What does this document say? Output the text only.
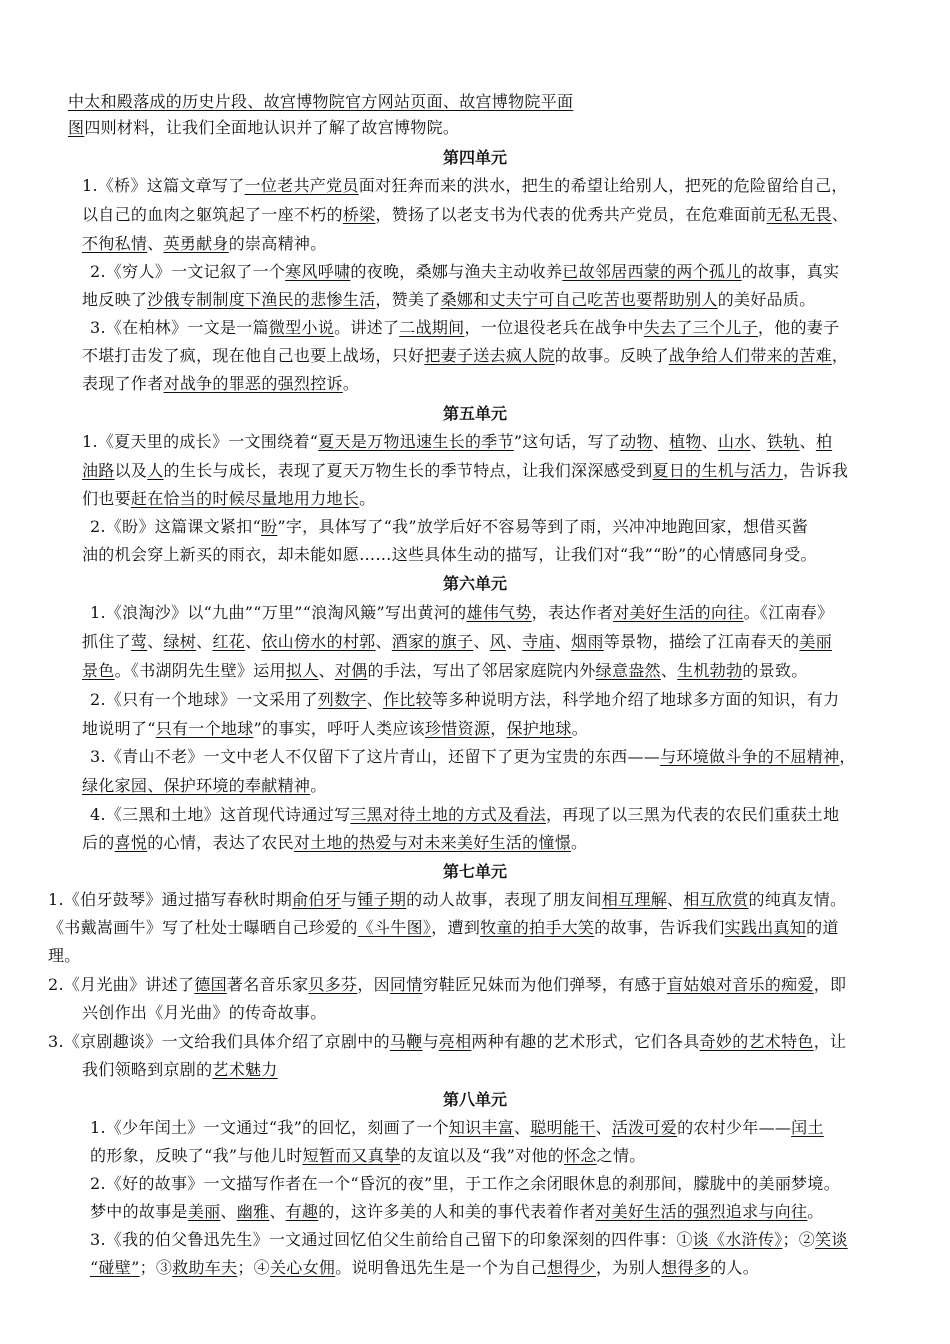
中太和殿落成的历史片段、故宫博物院官方网站页面、故宫博物院平面
图四则材料，让我们全面地认识并了解了故宫博物院。
第四单元
1.《桥》这篇文章写了一位老共产党员面对狂奔而来的洪水，把生的希望让给别人，把死的危险留给自己，
以自己的血肉之躯筑起了一座不朽的桥梁，赞扬了以老支书为代表的优秀共产党员，在危难面前无私无畏、
不徇私情、英勇献身的崇高精神。
2.《穷人》一文记叙了一个寒风呼啸的夜晚，桑娜与渔夫主动收养已故邻居西蒙的两个孤儿的故事，真实
地反映了沙俄专制制度下渔民的悲惨生活，赞美了桑娜和丈夫宁可自己吃苦也要帮助别人的美好品质。
3.《在柏林》一文是一篇微型小说。讲述了二战期间，一位退役老兵在战争中失去了三个儿子，他的妻子
不堪打击发了疯，现在他自己也要上战场，只好把妻子送去疯人院的故事。反映了战争给人们带来的苦难，
表现了作者对战争的罪恶的强烈控诉。
第五单元
1.《夏天里的成长》一文围绕着“夏天是万物迅速生长的季节”这句话，写了动物、植物、山水、铁轨、柏
油路以及人的生长与成长，表现了夏天万物生长的季节特点，让我们深深感受到夏日的生机与活力，告诉我
们也要赶在恰当的时候尽量地用力地长。
2.《盼》这篇课文紧扣“盼”字，具体写了“我”放学后好不容易等到了雨，兴冲冲地跑回家，想借买酱
油的机会穿上新买的雨衣，却未能如愿……这些具体生动的描写，让我们对“我”“盼”的心情感同身受。
第六单元
1.《浪淘沙》以“九曲”“万里”“浪淘风簸”写出黄河的雄伟气势，表达作者对美好生活的向往。《江南春》
抓住了莺、绿树、红花、依山傍水的村郭、酒家的旗子、风、寺庙、烟雨等景物，描绘了江南春天的美丽
景色。《书湖阴先生壁》运用拟人、对偶的手法，写出了邻居家庭院内外绿意盎然、生机勃勃的景致。
2.《只有一个地球》一文采用了列数字、作比较等多种说明方法，科学地介绍了地球多方面的知识，有力
地说明了“只有一个地球”的事实，呼吁人类应该珍惜资源，保护地球。
3.《青山不老》一文中老人不仅留下了这片青山，还留下了更为宝贵的东西——与环境做斗争的不屈精神，
绿化家园、保护环境的奉献精神。
4.《三黑和土地》这首现代诗通过写三黑对待土地的方式及看法，再现了以三黑为代表的农民们重获土地
后的喜悦的心情，表达了农民对土地的热爱与对未来美好生活的憧憬。
第七单元
1.《伯牙鼓琴》通过描写春秋时期俞伯牙与锺子期的动人故事，表现了朋友间相互理解、相互欣赏的纯真友情。
《书戴嵩画牛》写了杜处士曝晒自己珍爱的《斗牛图》，遭到牧童的拍手大笑的故事，告诉我们实践出真知的道
理。
2.《月光曲》讲述了德国著名音乐家贝多芬，因同情穷鞋匠兄妹而为他们弹琴，有感于盲姑娘对音乐的痴爱，即
兴创作出《月光曲》的传奇故事。
3.《京剧趣谈》一文给我们具体介绍了京剧中的马鞭与亮相两种有趣的艺术形式，它们各具奇妙的艺术特色，让
我们领略到京剧的艺术魅力
第八单元
1.《少年闰土》一文通过“我”的回忆，刻画了一个知识丰富、聪明能干、活泼可爱的农村少年——闰土
的形象，反映了“我”与他儿时短暂而又真挚的友谊以及“我”对他的怀念之情。
2.《好的故事》一文描写作者在一个“昏沉的夜”里，于工作之余闭眼休息的刹那间，朦胧中的美丽梦境。
梦中的故事是美丽、幽雅、有趣的，这许多美的人和美的事代表着作者对美好生活的强烈追求与向往。
3.《我的伯父鲁迅先生》一文通过回忆伯父生前给自己留下的印象深刻的四件事：①谈《水浒传》；②笑谈
“碰壁”；③救助车夫；④关心女佣。说明鲁迅先生是一个为自己想得少，为别人想得多的人。
